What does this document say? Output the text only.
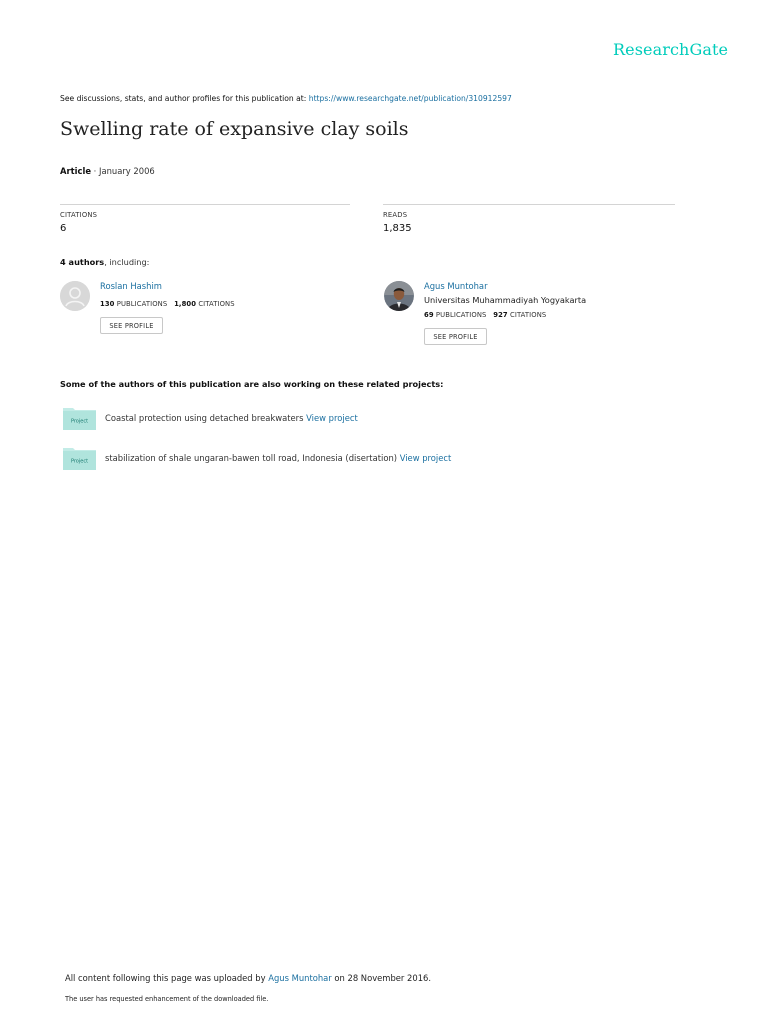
ResearchGate
See discussions, stats, and author profiles for this publication at: https://www.researchgate.net/publication/310912597
Swelling rate of expansive clay soils
Article · January 2006
CITATIONS
6
READS
1,835
4 authors, including:
Roslan Hashim
130 PUBLICATIONS 1,800 CITATIONS
SEE PROFILE
Agus Muntohar
Universitas Muhammadiyah Yogyakarta
69 PUBLICATIONS 927 CITATIONS
SEE PROFILE
Some of the authors of this publication are also working on these related projects:
Project Coastal protection using detached breakwaters View project
Project stabilization of shale ungaran-bawen toll road, Indonesia (disertation) View project
All content following this page was uploaded by Agus Muntohar on 28 November 2016.
The user has requested enhancement of the downloaded file.
